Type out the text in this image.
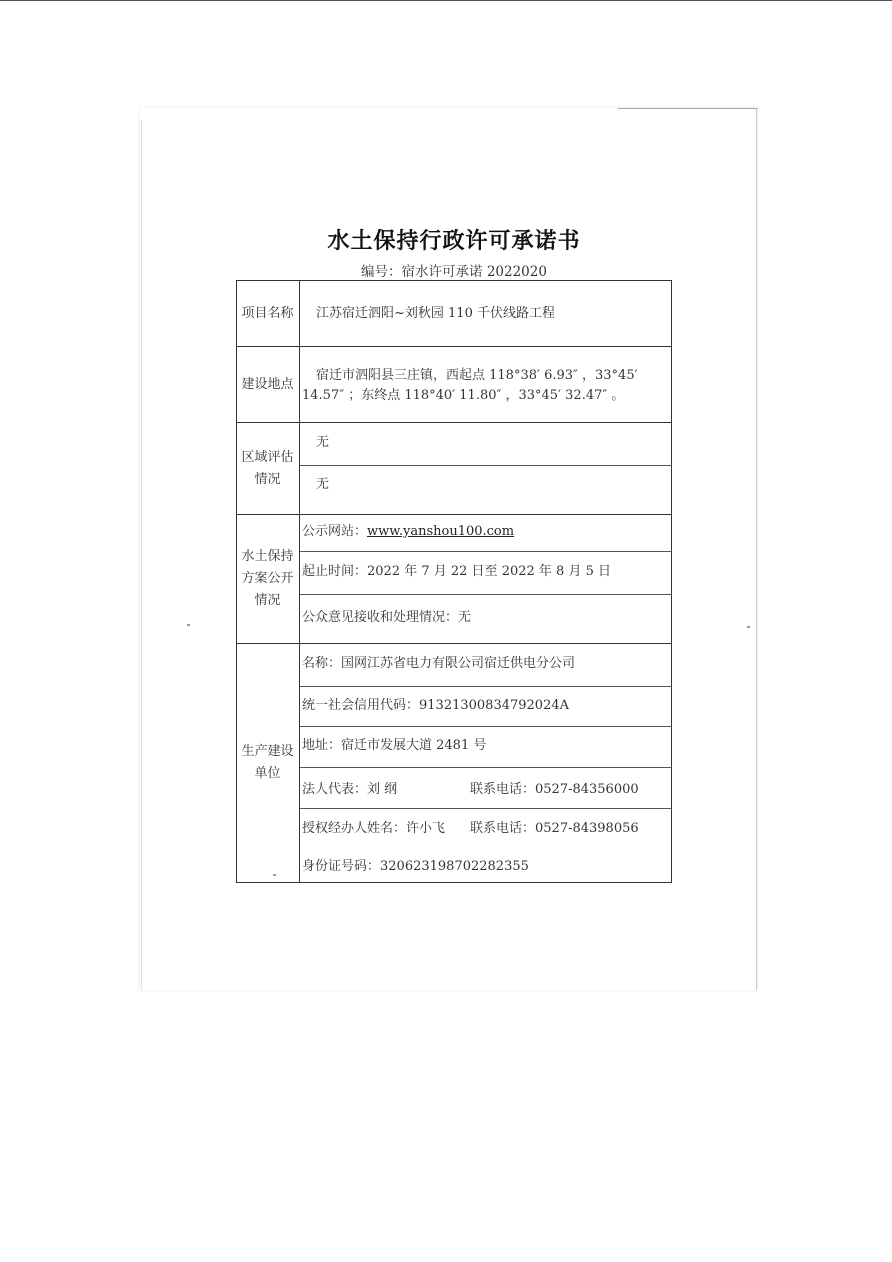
水土保持行政许可承诺书
编号：宿水许可承诺 2022020
项目名称	江苏宿迁泗阳~刘秋园 110 千伏线路工程
建设地点
宿迁市泗阳县三庄镇，西起点 118°38′ 6.93″ ，33°45′
14.57″ ；东终点 118°40′ 11.80″ ，33°45′ 32.47″ 。
区域评估
情况
无
无
水土保持
方案公开
情况
公示网站：www.yanshou100.com
起止时间：2022 年 7 月 22 日至 2022 年 8 月 5 日
公众意见接收和处理情况：无
生产建设
单位
名称：国网江苏省电力有限公司宿迁供电分公司
统一社会信用代码：91321300834792024A
地址：宿迁市发展大道 2481 号
法人代表：刘 纲	联系电话：0527-84356000
授权经办人姓名：许小飞 联系电话：0527-84398056
身份证号码：320623198702282355
